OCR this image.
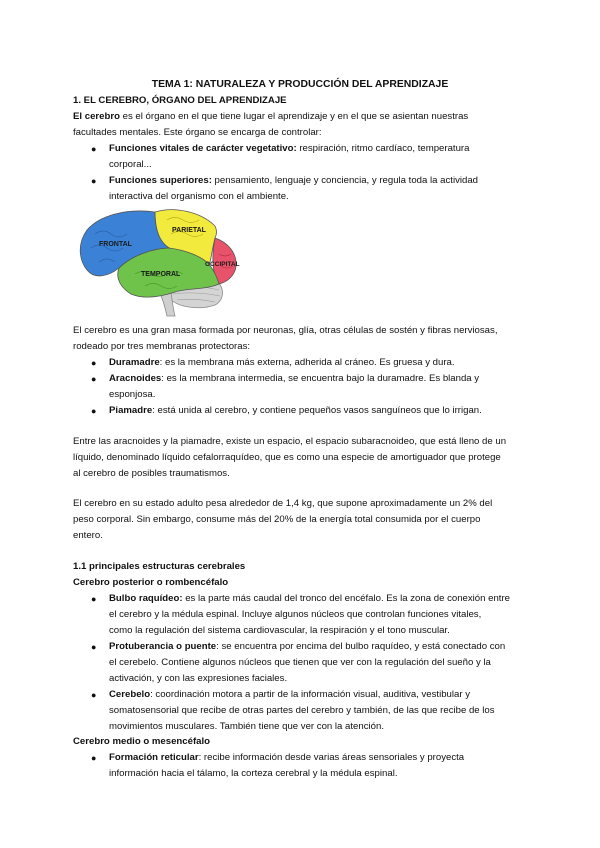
TEMA 1: NATURALEZA Y PRODUCCIÓN DEL APRENDIZAJE
1. EL CEREBRO, ÓRGANO DEL APRENDIZAJE
El cerebro es el órgano en el que tiene lugar el aprendizaje y en el que se asientan nuestras
facultades mentales. Este órgano se encarga de controlar:
● Funciones vitales de carácter vegetativo: respiración, ritmo cardíaco, temperatura
corporal...
● Funciones superiores: pensamiento, lenguaje y conciencia, y regula toda la actividad
interactiva del organismo con el ambiente.
FRONTAL
PARIETAL
OCCIPITAL
TEMPORAL
El cerebro es una gran masa formada por neuronas, glía, otras células de sostén y fibras nerviosas,
rodeado por tres membranas protectoras:
● Duramadre: es la membrana más externa, adherida al cráneo. Es gruesa y dura.
● Aracnoides: es la membrana intermedia, se encuentra bajo la duramadre. Es blanda y
esponjosa.
● Piamadre: está unida al cerebro, y contiene pequeños vasos sanguíneos que lo irrigan.
Entre las aracnoides y la piamadre, existe un espacio, el espacio subaracnoideo, que está lleno de un
líquido, denominado líquido cefalorraquídeo, que es como una especie de amortiguador que protege
al cerebro de posibles traumatismos.
El cerebro en su estado adulto pesa alrededor de 1,4 kg, que supone aproximadamente un 2% del
peso corporal. Sin embargo, consume más del 20% de la energía total consumida por el cuerpo
entero.
1.1 principales estructuras cerebrales
Cerebro posterior o rombencéfalo
● Bulbo raquídeo: es la parte más caudal del tronco del encéfalo. Es la zona de conexión entre
el cerebro y la médula espinal. Incluye algunos núcleos que controlan funciones vitales,
como la regulación del sistema cardiovascular, la respiración y el tono muscular.
● Protuberancia o puente: se encuentra por encima del bulbo raquídeo, y está conectado con
el cerebelo. Contiene algunos núcleos que tienen que ver con la regulación del sueño y la
activación, y con las expresiones faciales.
● Cerebelo: coordinación motora a partir de la información visual, auditiva, vestibular y
somatosensorial que recibe de otras partes del cerebro y también, de las que recibe de los
movimientos musculares. También tiene que ver con la atención.
Cerebro medio o mesencéfalo
● Formación reticular: recibe información desde varias áreas sensoriales y proyecta
información hacia el tálamo, la corteza cerebral y la médula espinal.
